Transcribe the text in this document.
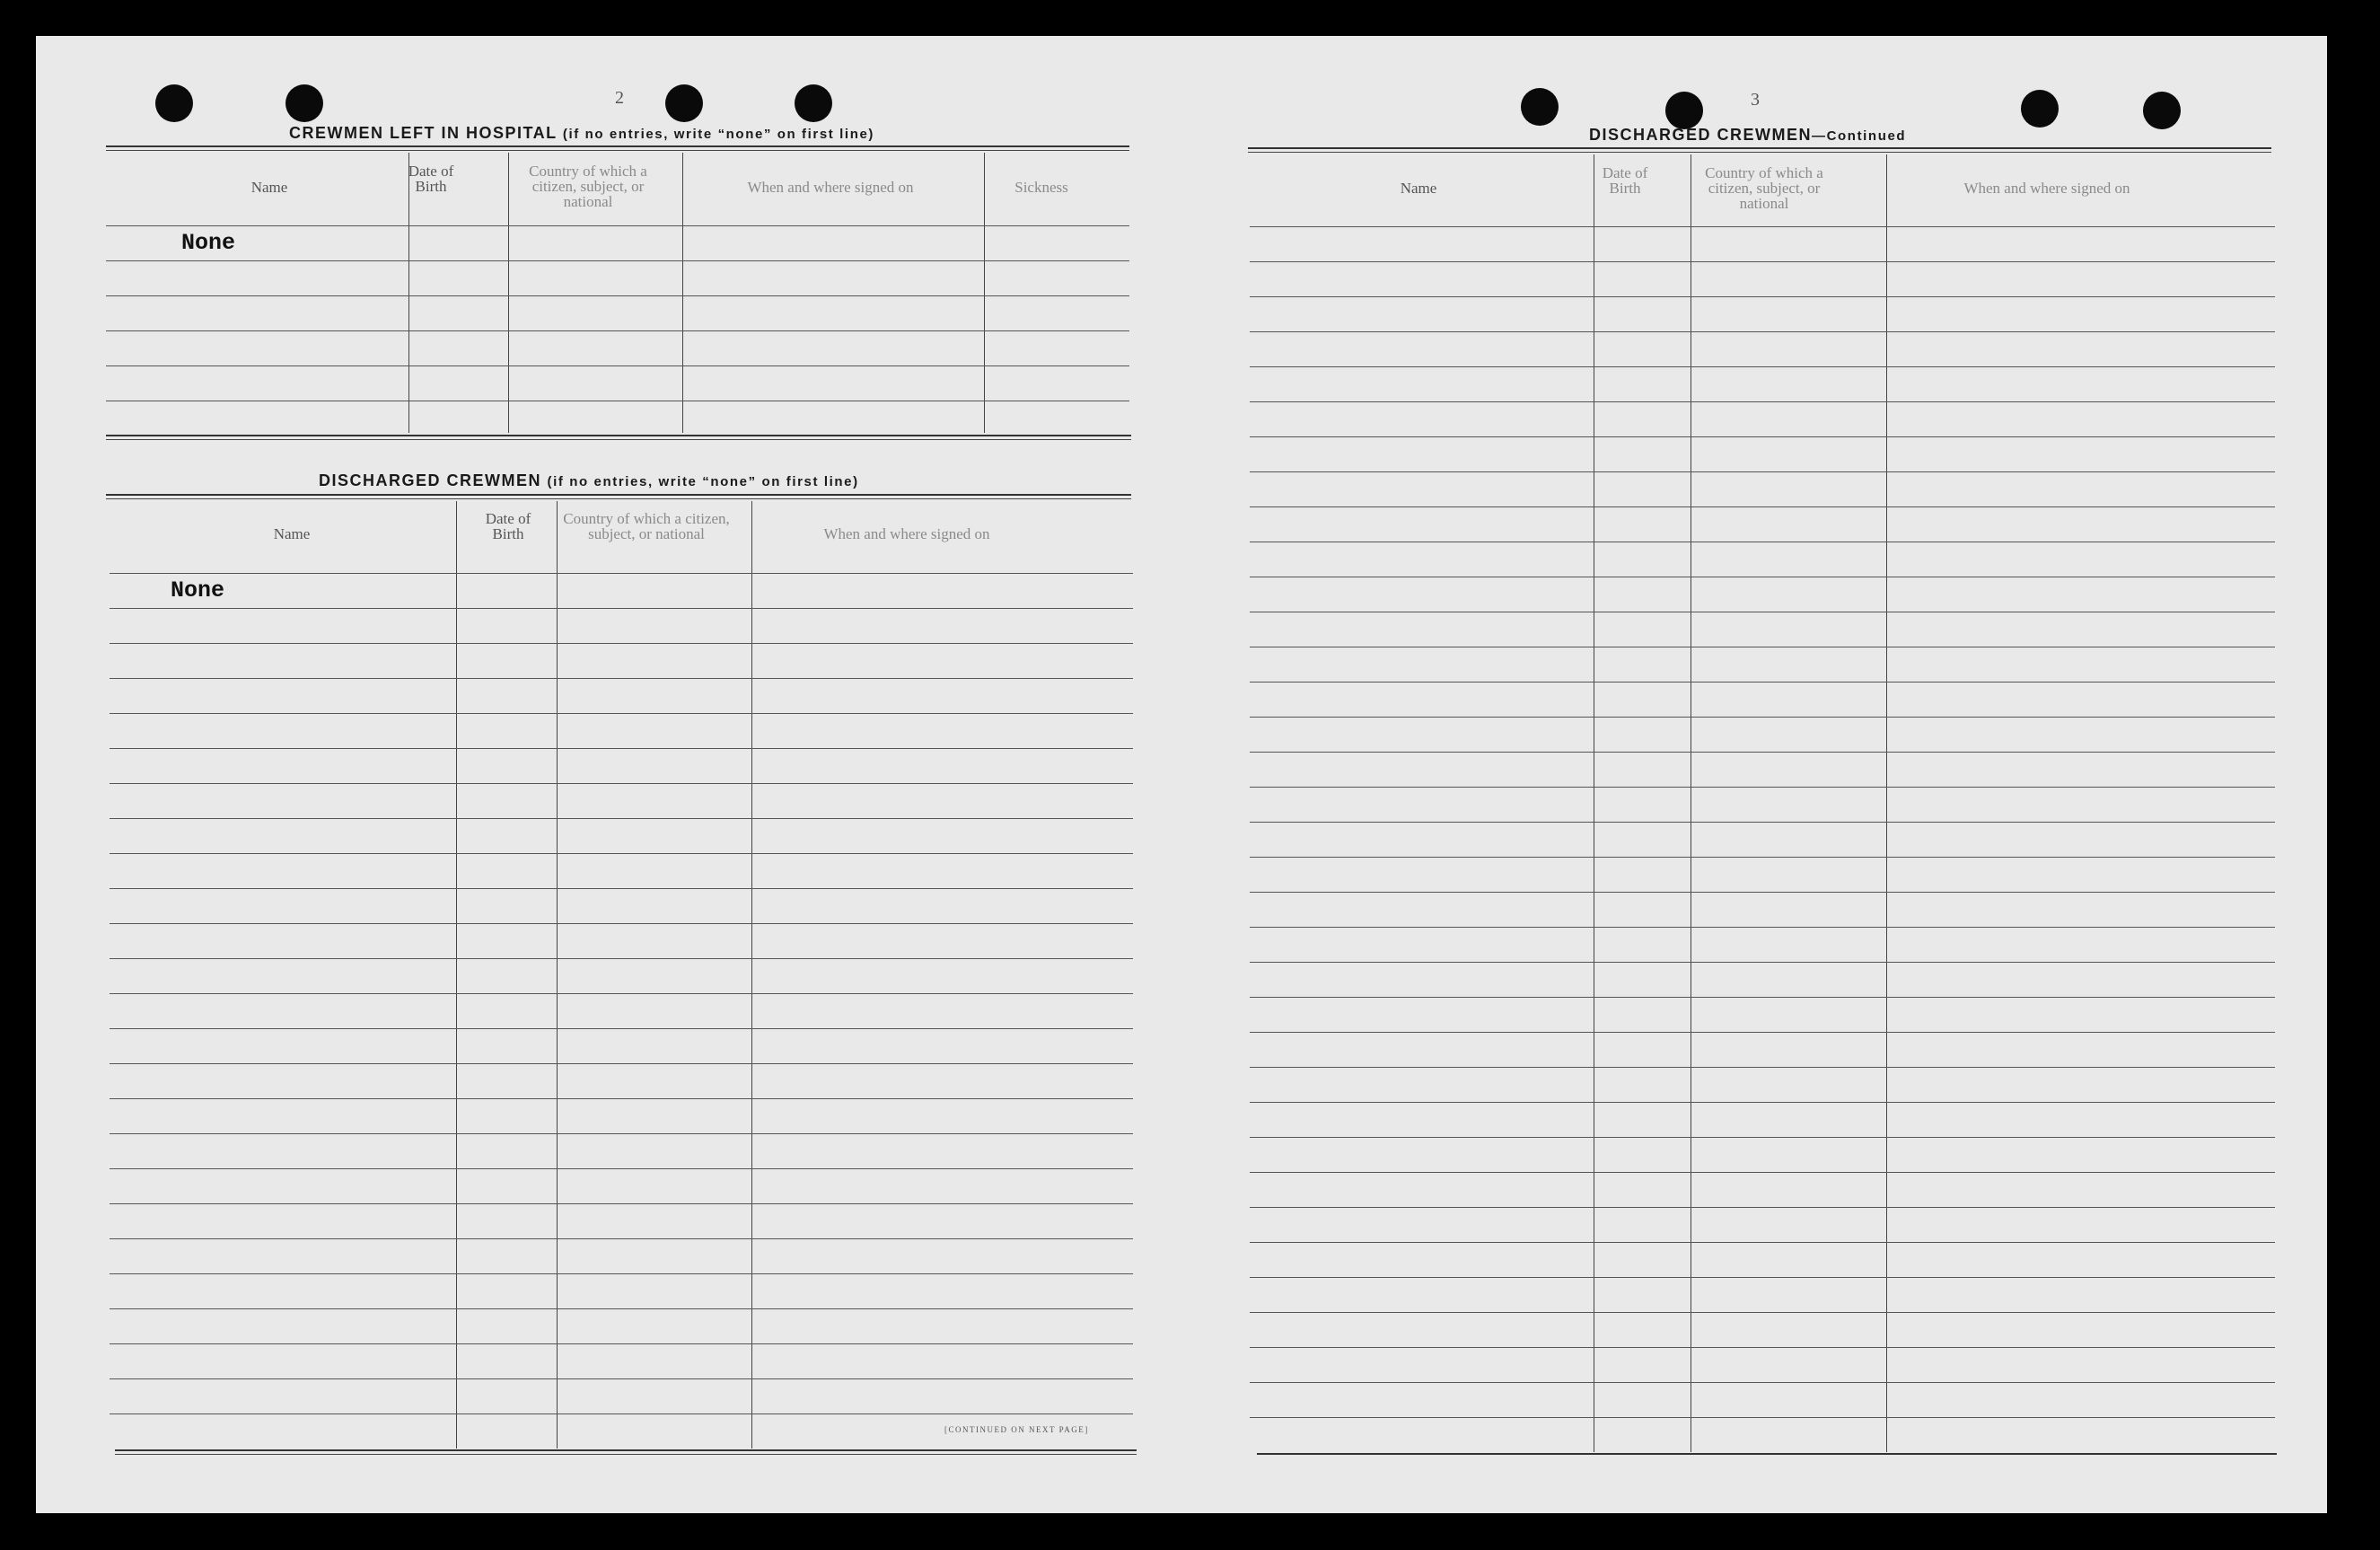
2
CREWMEN LEFT IN HOSPITAL (if no entries, write “none” on first line)
Name
Date of Birth
Country of which a citizen, subject, or national
When and where signed on	Sickness
None
DISCHARGED CREWMEN (if no entries, write “none” on first line)
Name
Date of Birth
Country of which a citizen, subject, or national	When and where signed on
None
[CONTINUED ON NEXT PAGE]
3
DISCHARGED CREWMEN—Continued
Name
Date of Birth
Country of which a citizen, subject, or national
When and where signed on
